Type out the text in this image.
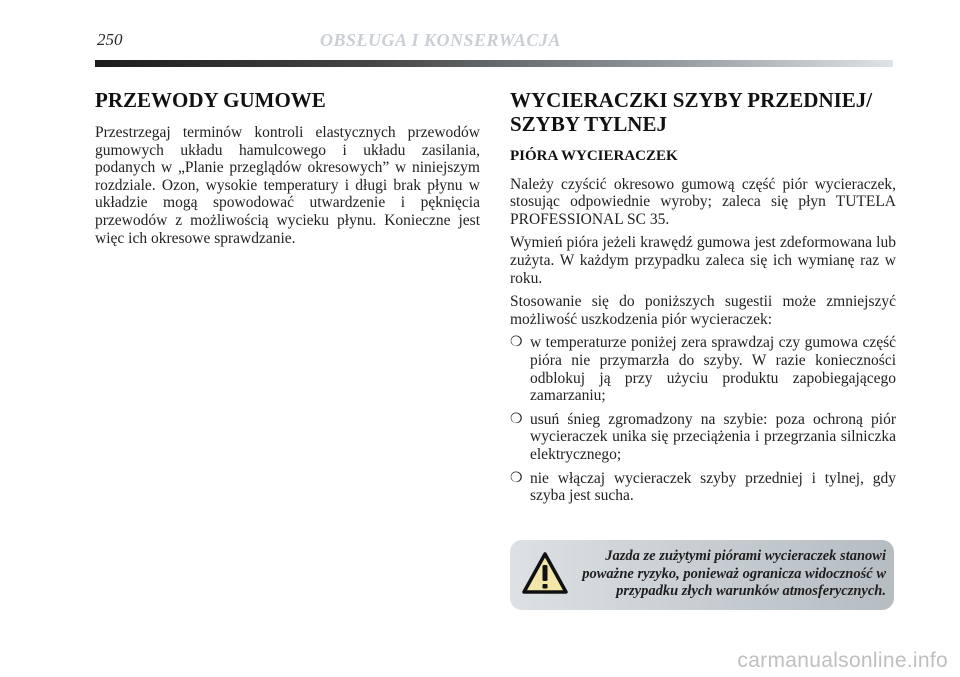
250	OBSŁUGA I KONSERWACJA
PRZEWODY GUMOWE

Przestrzegaj terminów kontroli elastycznych przewodów gumowych układu hamulcowego i układu zasilania, podanych w „Planie przeglądów okresowych” w niniejszym rozdziale. Ozon, wysokie temperatury i długi brak płynu w układzie mogą spowodować utwardzenie i pęknięcia przewodów z możliwością wycieku płynu. Konieczne jest więc ich okresowe sprawdzanie.

WYCIERACZKI SZYBY PRZEDNIEJ/ SZYBY TYLNEJ
PIÓRA WYCIERACZEK

Należy czyścić okresowo gumową część piór wycieraczek, stosując odpowiednie wyroby; zaleca się płyn TUTELA PROFESSIONAL SC 35.

Wymień pióra jeżeli krawędź gumowa jest zdeformowana lub zużyta. W każdym przypadku zaleca się ich wymianę raz w roku.

Stosowanie się do poniższych sugestii może zmniejszyć możliwość uszkodzenia piór wycieraczek:

❍ w temperaturze poniżej zera sprawdzaj czy gumowa część pióra nie przymarzła do szyby. W razie konieczności odblokuj ją przy użyciu produktu zapobiegającego zamarzaniu;
❍ usuń śnieg zgromadzony na szybie: poza ochroną piór wycieraczek unika się przeciążenia i przegrzania silniczka elektrycznego;
❍ nie włączaj wycieraczek szyby przedniej i tylnej, gdy szyba jest sucha.
Jazda ze zużytymi piórami wycieraczek stanowi poważne ryzyko, ponieważ ogranicza widoczność w przypadku złych warunków atmosferycznych.
carmanualsonline.info
